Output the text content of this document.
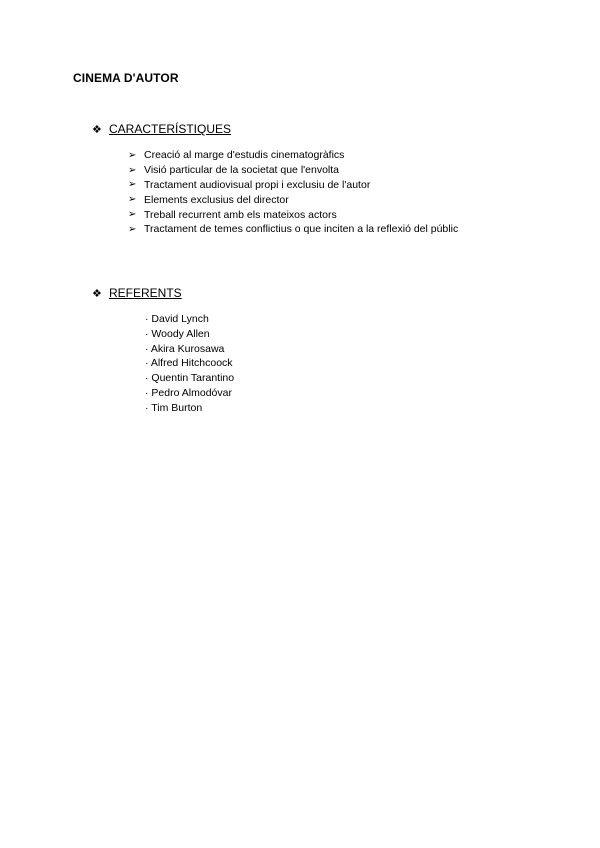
CINEMA D'AUTOR
❖ CARACTERÍSTIQUES
➢ Creació al marge d'estudis cinematogràfics
➢ Visió particular de la societat que l'envolta
➢ Tractament audiovisual propi i exclusiu de l'autor
➢ Elements exclusius del director
➢ Treball recurrent amb els mateixos actors
➢ Tractament de temes conflictius o que inciten a la reflexió del públic
❖ REFERENTS
· David Lynch
· Woody Allen
· Akira Kurosawa
· Alfred Hitchcoock
· Quentin Tarantino
· Pedro Almodóvar
· Tim Burton
